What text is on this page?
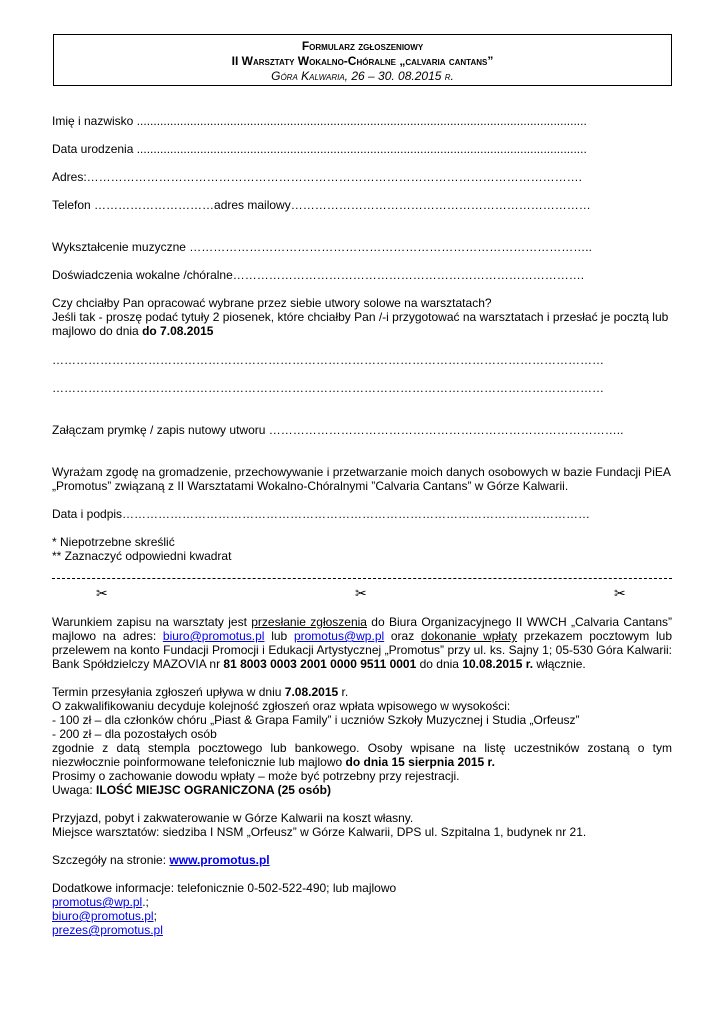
Formularz zgłoszeniowy
II Warsztaty Wokalno-Chóralne „calvaria cantans”
Góra Kalwaria, 26 – 30. 08.2015 r.
Imię i nazwisko .......................................................................................................................................
Data urodzenia .......................................................................................................................................
Adres:…………………………………………………………………………………………………………….
Telefon …………………………adres mailowy…………………………………………………………………
Wykształcenie muzyczne ………………………………………………………………………………………..
Doświadczenia wokalne /chóralne…………………………………………………………………………….

Czy chciałby Pan opracować wybrane przez siebie utwory solowe na warsztatach?

Jeśli tak - proszę podać tytuły 2 piosenek, które chciałby Pan /-i przygotować na warsztatach i przesłać je pocztą lub majlowo do dnia do 7.08.2015

…………………………………………………………………………………………………………………………
…………………………………………………………………………………………………………………………
Załączam prymkę / zapis nutowy utworu ……………………………………………………………………………..
Wyrażam zgodę na gromadzenie, przechowywanie i przetwarzanie moich danych osobowych w bazie Fundacji PiEA „Promotus” związaną z II Warsztatami Wokalno-Chóralnymi ”Calvaria Cantans” w Górze Kalwarii.
Data i podpis………………………………………………………………………………………………………
* Niepotrzebne skreślić
** Zaznaczyć odpowiedni kwadrat
✂	✂	✂
Warunkiem zapisu na warsztaty jest przesłanie zgłoszenia do Biura Organizacyjnego II WWCH „Calvaria Cantans” majlowo na adres: biuro@promotus.pl lub promotus@wp.pl oraz dokonanie wpłaty przekazem pocztowym lub przelewem na konto Fundacji Promocji i Edukacji Artystycznej „Promotus” przy ul. ks. Sajny 1; 05-530 Góra Kalwarii: Bank Spółdzielczy MAZOVIA nr 81 8003 0003 2001 0000 9511 0001 do dnia 10.08.2015 r. włącznie.

Termin przesyłania zgłoszeń upływa w dniu 7.08.2015 r.

O zakwalifikowaniu decyduje kolejność zgłoszeń oraz wpłata wpisowego w wysokości:

- 100 zł – dla członków chóru „Piast & Grapa Family” i uczniów Szkoły Muzycznej i Studia „Orfeusz”

- 200 zł – dla pozostałych osób

zgodnie z datą stempla pocztowego lub bankowego. Osoby wpisane na listę uczestników zostaną o tym niezwłocznie poinformowane telefonicznie lub majlowo do dnia 15 sierpnia 2015 r.

Prosimy o zachowanie dowodu wpłaty – może być potrzebny przy rejestracji.

Uwaga: ILOŚĆ MIEJSC OGRANICZONA (25 osób)

Przyjazd, pobyt i zakwaterowanie w Górze Kalwarii na koszt własny.

Miejsce warsztatów: siedziba I NSM „Orfeusz” w Górze Kalwarii, DPS ul. Szpitalna 1, budynek nr 21.

Szczegóły na stronie: www.promotus.pl

Dodatkowe informacje: telefonicznie 0-502-522-490; lub majlowo

promotus@wp.pl.;

biuro@promotus.pl;

prezes@promotus.pl
